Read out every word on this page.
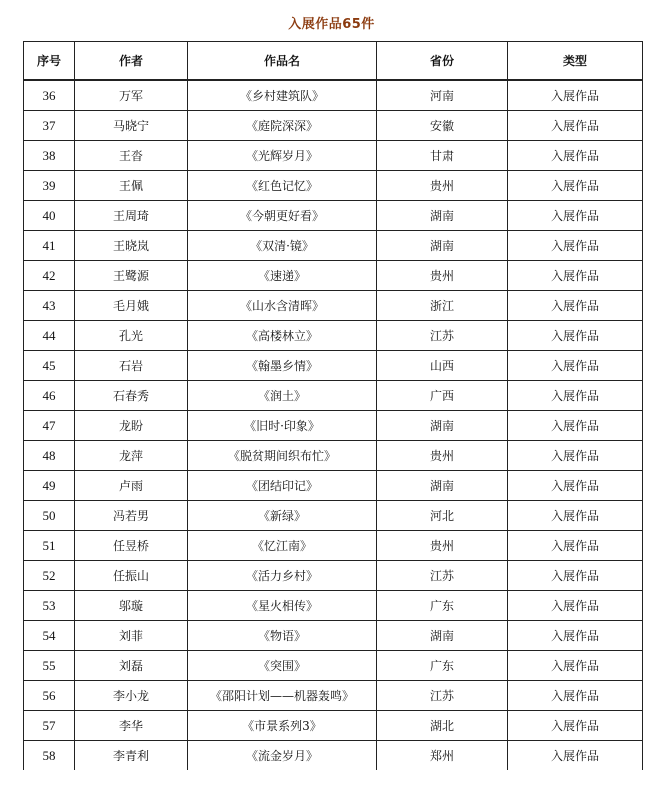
入展作品65件
序号	作者	作品名	省份	类型
36	万军	《乡村建筑队》	河南	入展作品
37	马晓宁	《庭院深深》	安徽	入展作品
38	王沓	《光辉岁月》	甘肃	入展作品
39	王佩	《红色记忆》	贵州	入展作品
40	王周琦	《今朝更好看》	湖南	入展作品
41	王晓岚	《双清·镜》	湖南	入展作品
42	王鹭源	《速递》	贵州	入展作品
43	毛月娥	《山水含清晖》	浙江	入展作品
44	孔光	《高楼林立》	江苏	入展作品
45	石岩	《翰墨乡情》	山西	入展作品
46	石春秀	《润土》	广西	入展作品
47	龙盼	《旧时·印象》	湖南	入展作品
48	龙萍	《脱贫期间织布忙》	贵州	入展作品
49	卢雨	《团结印记》	湖南	入展作品
50	冯若男	《新绿》	河北	入展作品
51	任昱桥	《忆江南》	贵州	入展作品
52	任振山	《活力乡村》	江苏	入展作品
53	邬璇	《星火相传》	广东	入展作品
54	刘菲	《物语》	湖南	入展作品
55	刘磊	《突围》	广东	入展作品
56	李小龙	《邵阳计划——机器轰鸣》	江苏	入展作品
57	李华	《市景系列3》	湖北	入展作品
58	李青利	《流金岁月》	郑州	入展作品
